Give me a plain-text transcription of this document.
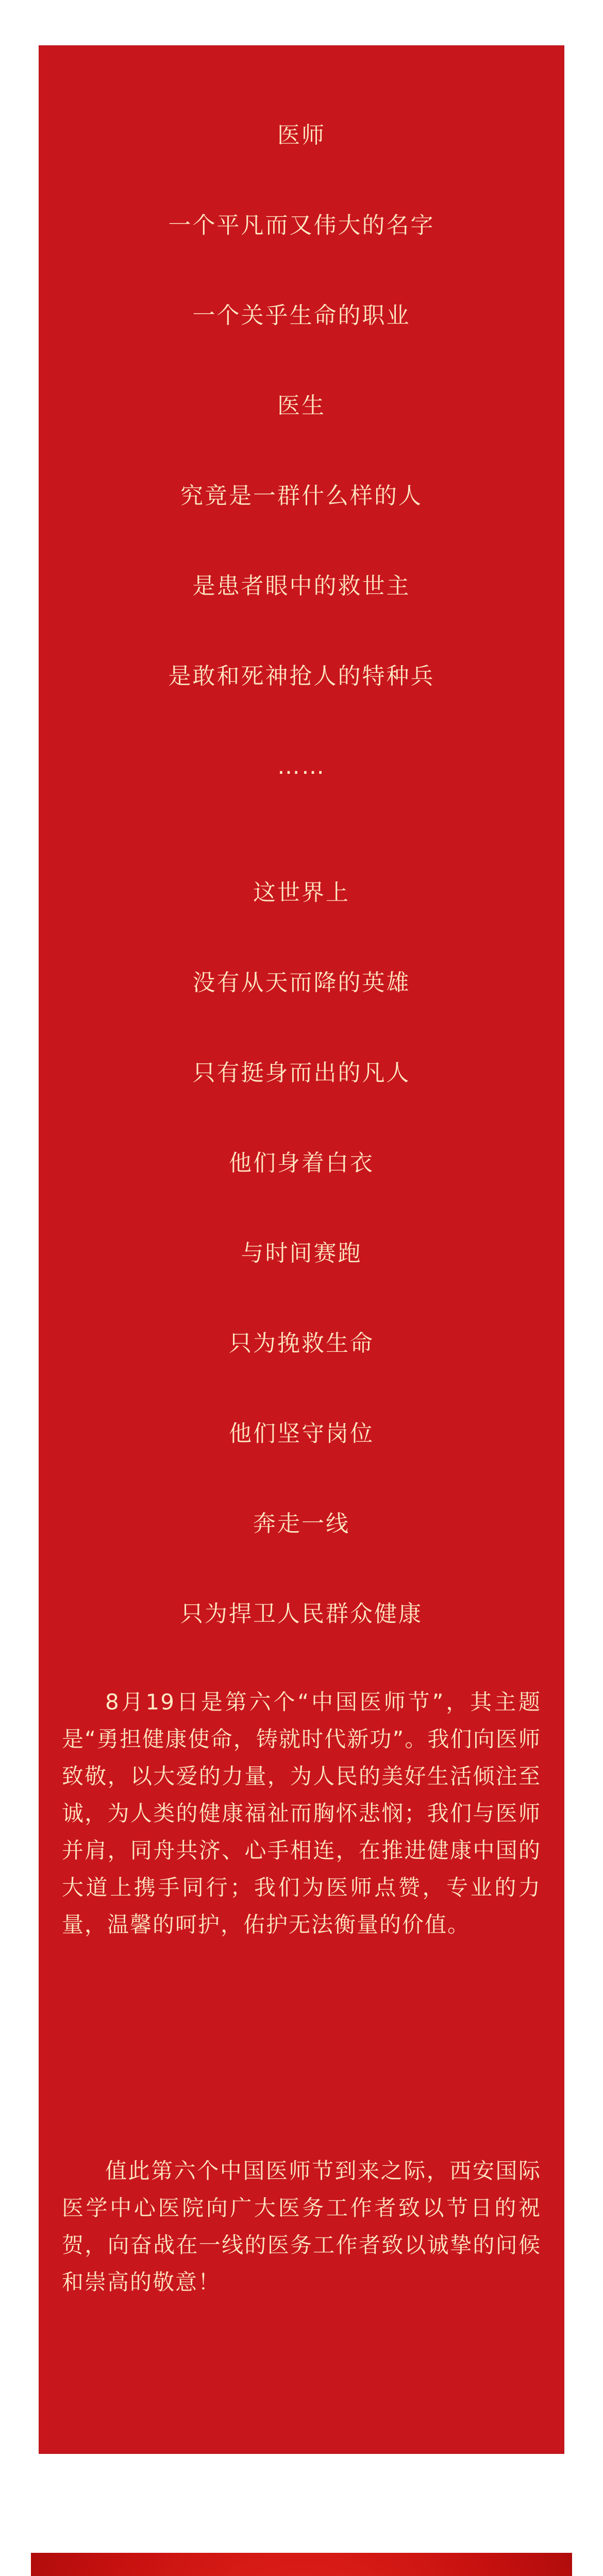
医师
一个平凡而又伟大的名字
一个关乎生命的职业
医生
究竟是一群什么样的人
是患者眼中的救世主
是敢和死神抢人的特种兵
……
这世界上
没有从天而降的英雄
只有挺身而出的凡人
他们身着白衣
与时间赛跑
只为挽救生命
他们坚守岗位
奔走一线
只为捍卫人民群众健康
8月19日是第六个“中国医师节”，其主题是“勇担健康使命，铸就时代新功”。我们向医师致敬，以大爱的力量，为人民的美好生活倾注至诚，为人类的健康福祉而胸怀悲悯；我们与医师并肩，同舟共济、心手相连，在推进健康中国的大道上携手同行；我们为医师点赞，专业的力量，温馨的呵护，佑护无法衡量的价值。
值此第六个中国医师节到来之际，西安国际医学中心医院向广大医务工作者致以节日的祝贺，向奋战在一线的医务工作者致以诚挚的问候和崇高的敬意！
